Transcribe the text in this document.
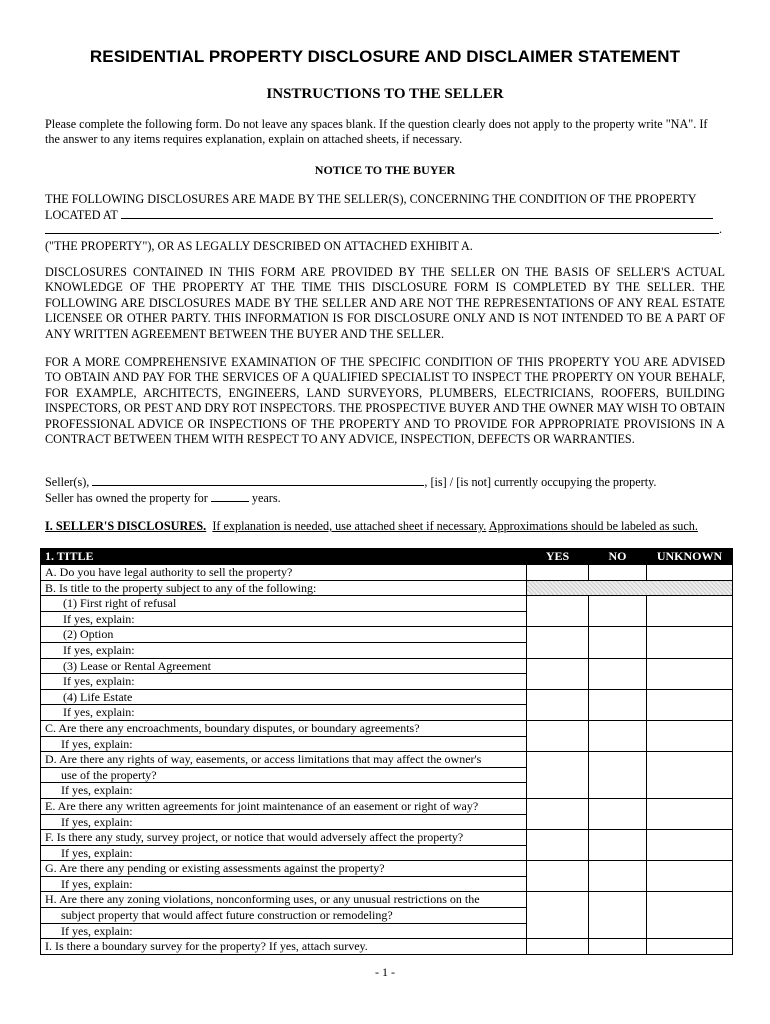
RESIDENTIAL PROPERTY DISCLOSURE AND DISCLAIMER STATEMENT
INSTRUCTIONS TO THE SELLER

Please complete the following form. Do not leave any spaces blank. If the question clearly does not apply to the property write "NA". If the answer to any items requires explanation, explain on attached sheets, if necessary.

NOTICE TO THE BUYER

THE FOLLOWING DISCLOSURES ARE MADE BY THE SELLER(S), CONCERNING THE CONDITION OF THE PROPERTY

LOCATED AT
.

("THE PROPERTY"), OR AS LEGALLY DESCRIBED ON ATTACHED EXHIBIT A.

DISCLOSURES CONTAINED IN THIS FORM ARE PROVIDED BY THE SELLER ON THE BASIS OF SELLER'S ACTUAL KNOWLEDGE OF THE PROPERTY AT THE TIME THIS DISCLOSURE FORM IS COMPLETED BY THE SELLER. THE FOLLOWING ARE DISCLOSURES MADE BY THE SELLER AND ARE NOT THE REPRESENTATIONS OF ANY REAL ESTATE LICENSEE OR OTHER PARTY. THIS INFORMATION IS FOR DISCLOSURE ONLY AND IS NOT INTENDED TO BE A PART OF ANY WRITTEN AGREEMENT BETWEEN THE BUYER AND THE SELLER.

FOR A MORE COMPREHENSIVE EXAMINATION OF THE SPECIFIC CONDITION OF THIS PROPERTY YOU ARE ADVISED TO OBTAIN AND PAY FOR THE SERVICES OF A QUALIFIED SPECIALIST TO INSPECT THE PROPERTY ON YOUR BEHALF, FOR EXAMPLE, ARCHITECTS, ENGINEERS, LAND SURVEYORS, PLUMBERS, ELECTRICIANS, ROOFERS, BUILDING INSPECTORS, OR PEST AND DRY ROT INSPECTORS. THE PROSPECTIVE BUYER AND THE OWNER MAY WISH TO OBTAIN PROFESSIONAL ADVICE OR INSPECTIONS OF THE PROPERTY AND TO PROVIDE FOR APPROPRIATE PROVISIONS IN A CONTRACT BETWEEN THEM WITH RESPECT TO ANY ADVICE, INSPECTION, DEFECTS OR WARRANTIES.

Seller(s),	, [is] / [is not] currently occupying the property.
Seller has owned the property for	years.
I. SELLER'S DISCLOSURES. If explanation is needed, use attached sheet if necessary. Approximations should be labeled as such.
1. TITLE	YES	NO	UNKNOWN
A. Do you have legal authority to sell the property?			
B. Is title to the property subject to any of the following:			
(1) First right of refusal			
If yes, explain:			
(2) Option			
If yes, explain:			
(3) Lease or Rental Agreement			
If yes, explain:			
(4) Life Estate			
If yes, explain:			
C. Are there any encroachments, boundary disputes, or boundary agreements?			
If yes, explain:			
D. Are there any rights of way, easements, or access limitations that may affect the owner's			
use of the property?			
If yes, explain:			
E. Are there any written agreements for joint maintenance of an easement or right of way?			
If yes, explain:			
F. Is there any study, survey project, or notice that would adversely affect the property?			
If yes, explain:			
G. Are there any pending or existing assessments against the property?			
If yes, explain:			
H. Are there any zoning violations, nonconforming uses, or any unusual restrictions on the			
subject property that would affect future construction or remodeling?			
If yes, explain:			
I. Is there a boundary survey for the property? If yes, attach survey.			
- 1 -
